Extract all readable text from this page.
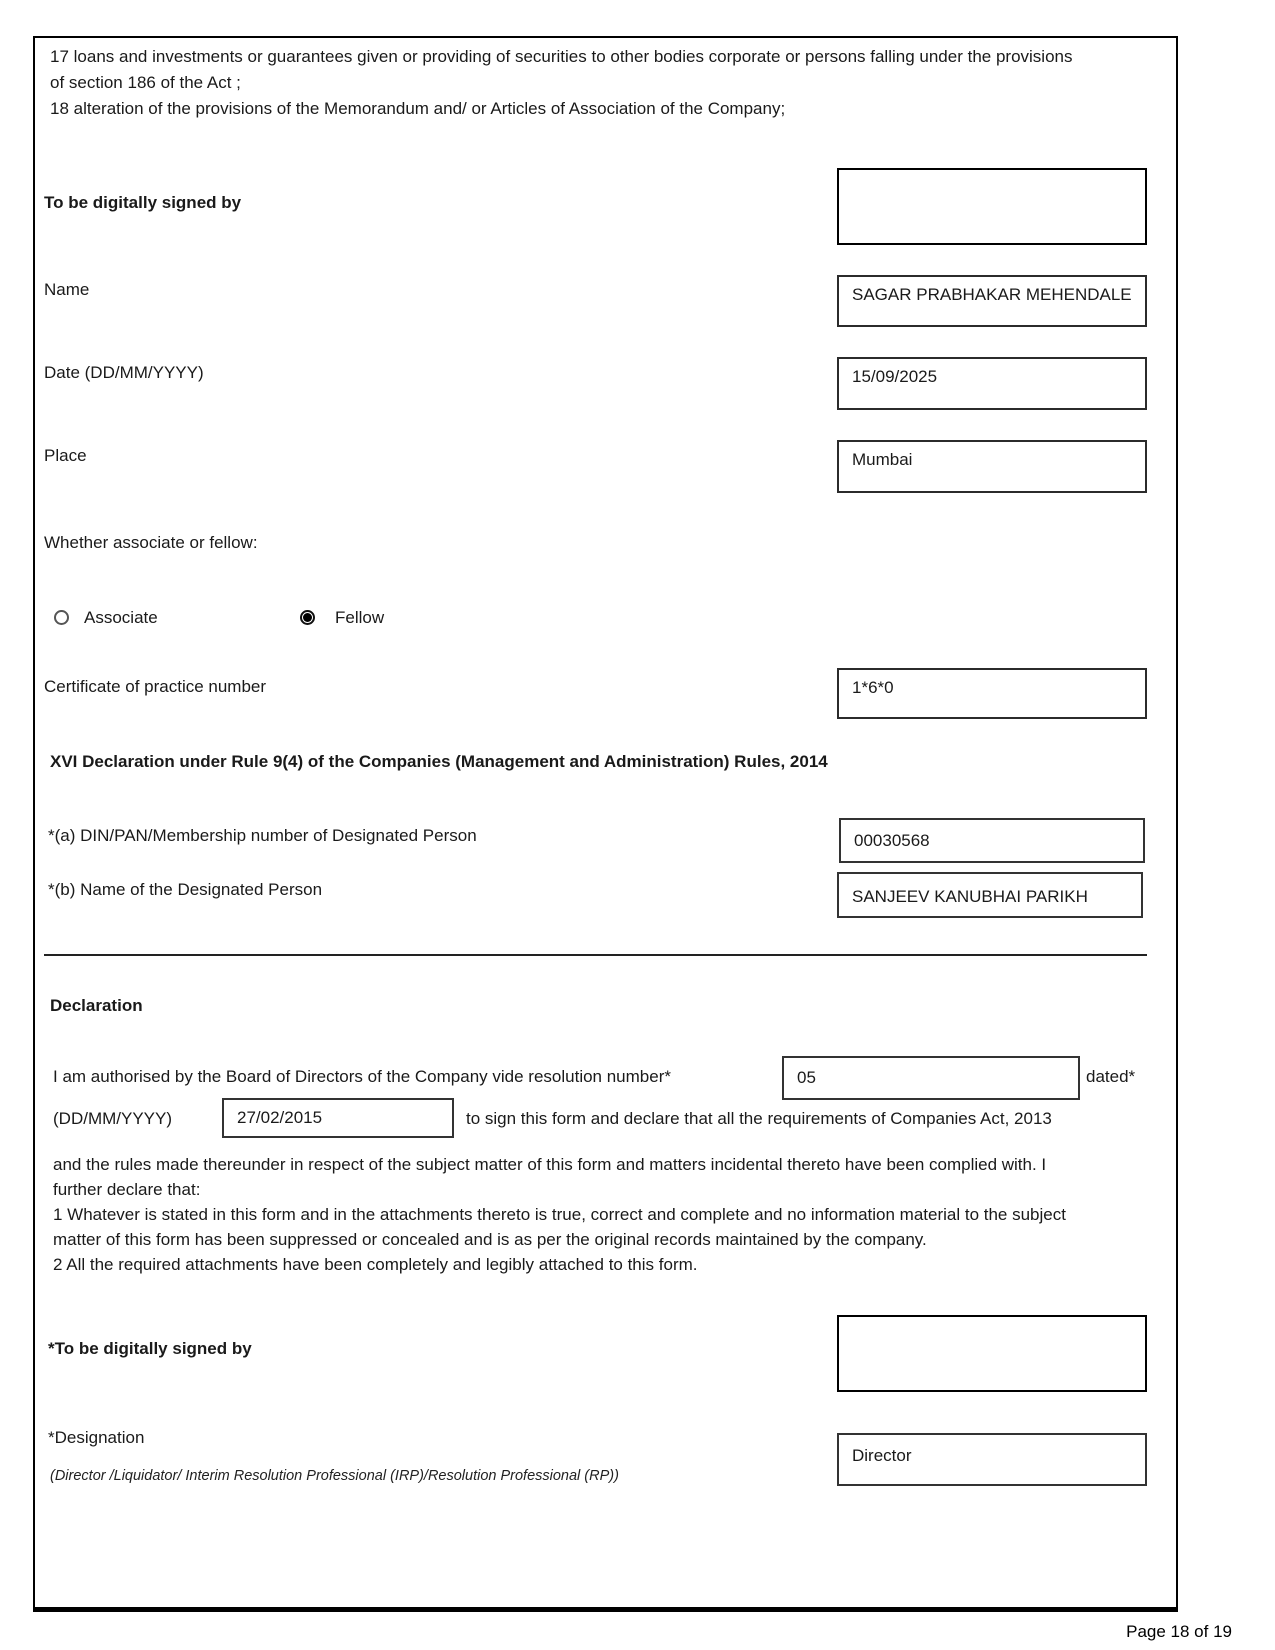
17 loans and investments or guarantees given or providing of securities to other bodies corporate or persons falling under the provisions of section 186 of the Act ;
18 alteration of the provisions of the Memorandum and/ or Articles of Association of the Company;
To be digitally signed by
Name	SAGAR PRABHAKAR MEHENDALE
Date (DD/MM/YYYY)	15/09/2025
Place	Mumbai
Whether associate or fellow:
Associate	Fellow
Certificate of practice number	1*6*0
XVI Declaration under Rule 9(4) of the Companies (Management and Administration) Rules, 2014
*(a) DIN/PAN/Membership number of Designated Person	00030568
*(b) Name of the Designated Person	SANJEEV KANUBHAI PARIKH
Declaration
I am authorised by the Board of Directors of the Company vide resolution number*	05	dated*
(DD/MM/YYYY)	27/02/2015	to sign this form and declare that all the requirements of Companies Act, 2013
and the rules made thereunder in respect of the subject matter of this form and matters incidental thereto have been complied with. I further declare that:
1 Whatever is stated in this form and in the attachments thereto is true, correct and complete and no information material to the subject matter of this form has been suppressed or concealed and is as per the original records maintained by the company.
2 All the required attachments have been completely and legibly attached to this form.
*To be digitally signed by
*Designation
Director
(Director /Liquidator/ Interim Resolution Professional (IRP)/Resolution Professional (RP))
Page 18 of 19
